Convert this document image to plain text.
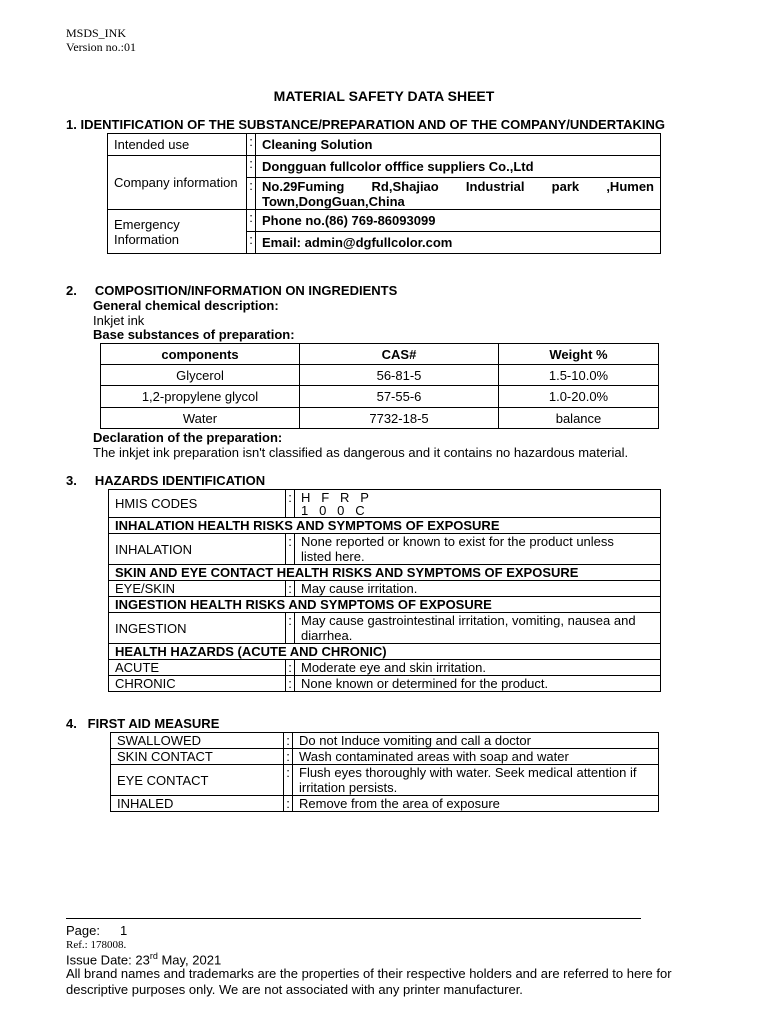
MSDS_INK
Version no.:01
MATERIAL SAFETY DATA SHEET
1. IDENTIFICATION OF THE SUBSTANCE/PREPARATION AND OF THE COMPANY/UNDERTAKING
Intended use	:	Cleaning Solution
Company information	:	Dongguan fullcolor offfice suppliers Co.,Ltd
	:	No.29Fuming Rd,Shajiao Industrial park ,Humen
Town,DongGuan,China

Emergency
Information	:	Phone no.(86) 769-86093099
	:	Email: admin@dgfullcolor.com
2.     COMPOSITION/INFORMATION ON INGREDIENTS
General chemical description:
Inkjet ink
Base substances of preparation:
components	CAS#	Weight %
Glycerol	56-81-5	1.5-10.0%
1,2-propylene glycol	57-55-6	1.0-20.0%
Water	7732-18-5	balance
Declaration of the preparation:
The inkjet ink preparation isn't classified as dangerous and it contains no hazardous material.
3.     HAZARDS IDENTIFICATION
HMIS CODES	:	H   F   R   P
1   0   0   C

INHALATION HEALTH RISKS AND SYMPTOMS OF EXPOSURE		
INHALATION	:	None reported or known to exist for the product unless
listed here.

SKIN AND EYE CONTACT HEALTH RISKS AND SYMPTOMS OF EXPOSURE		
EYE/SKIN	:	May cause irritation.
INGESTION HEALTH RISKS AND SYMPTOMS OF EXPOSURE		
INGESTION	:	May cause gastrointestinal irritation, vomiting, nausea and
diarrhea.

HEALTH HAZARDS (ACUTE AND CHRONIC)		
ACUTE	:	Moderate eye and skin irritation.
CHRONIC	:	None known or determined for the product.
4.   FIRST AID MEASURE
SWALLOWED	:	Do not Induce vomiting and call a doctor
SKIN CONTACT	:	Wash contaminated areas with soap and water
EYE CONTACT	:	Flush eyes thoroughly with water. Seek medical attention if
irritation persists.

INHALED	:	Remove from the area of exposure
Page: 1
Ref.: 178008.
Issue Date: 23rd May, 2021
All brand names and trademarks are the properties of their respective holders and are referred to here for descriptive purposes only. We are not associated with any printer manufacturer.
